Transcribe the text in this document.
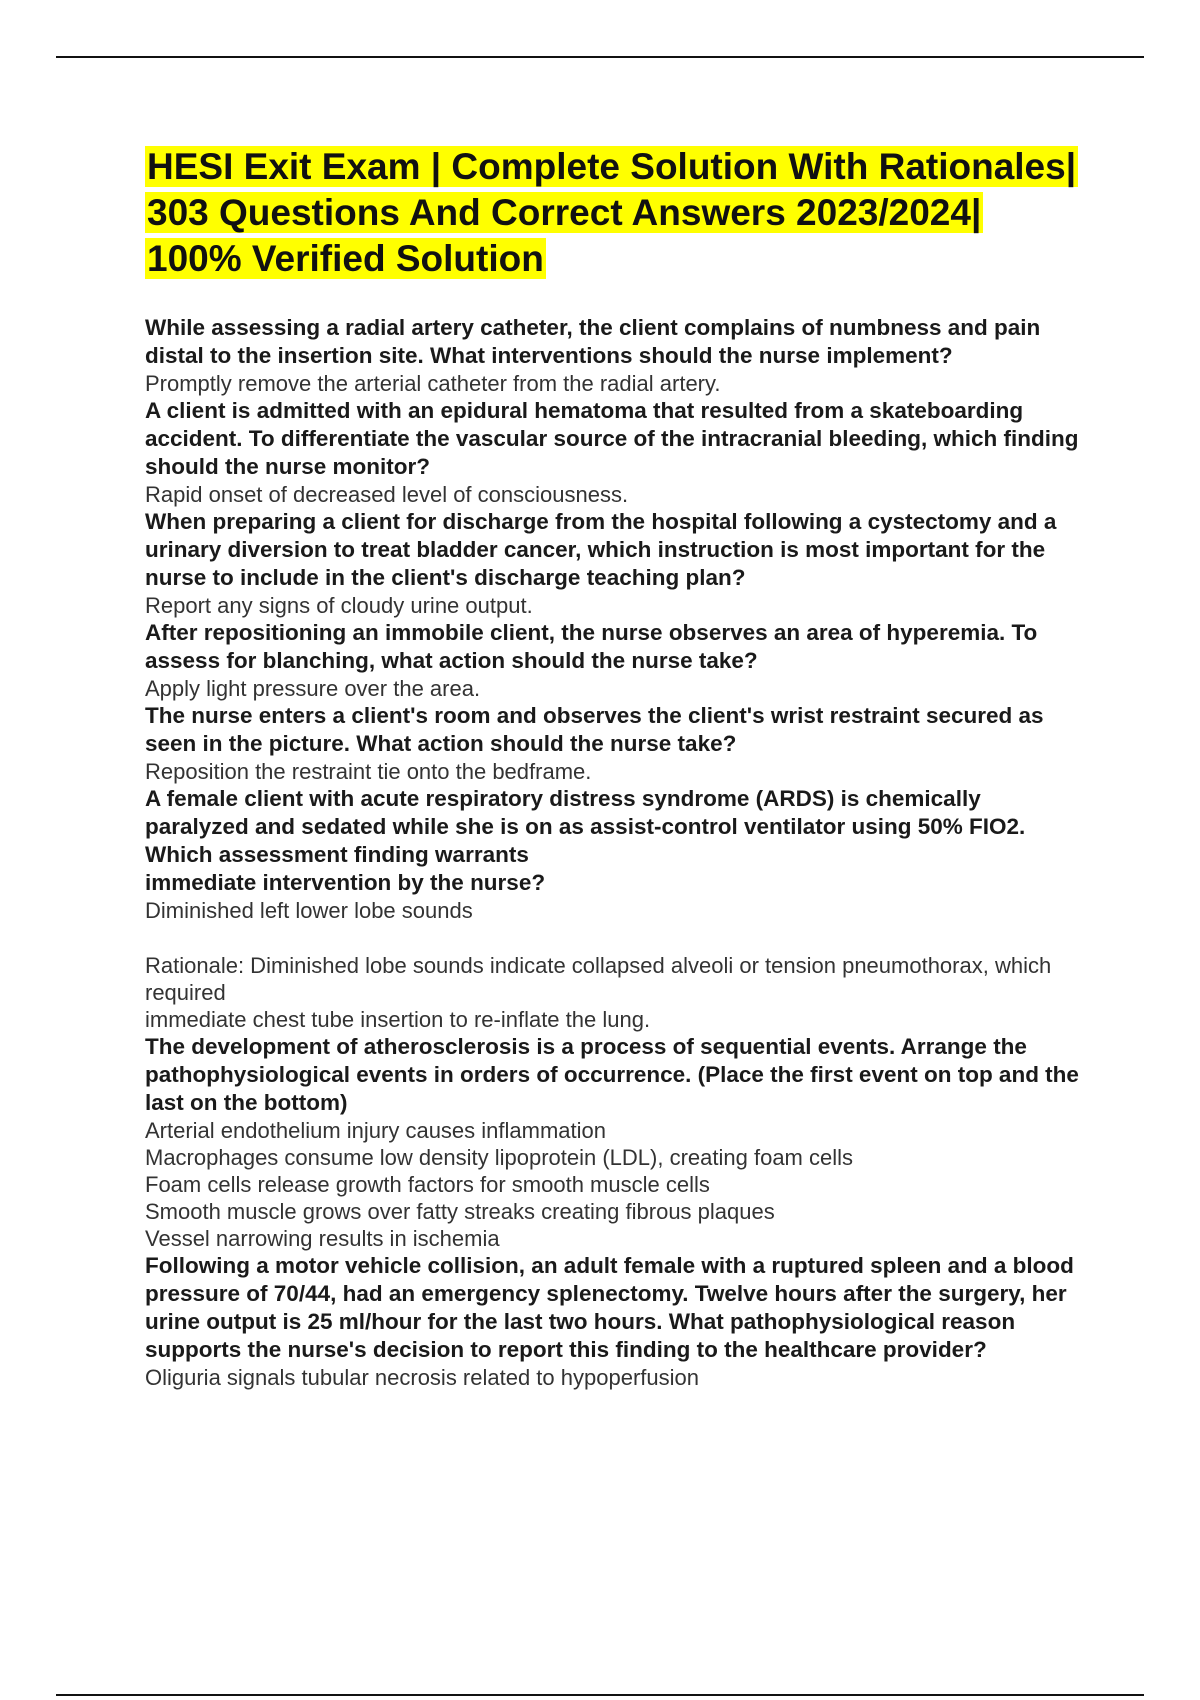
HESI Exit Exam | Complete Solution With Rationales| 303 Questions And Correct Answers 2023/2024| 100% Verified Solution

While assessing a radial artery catheter, the client complains of numbness and pain distal to the insertion site. What interventions should the nurse implement?

Promptly remove the arterial catheter from the radial artery.

A client is admitted with an epidural hematoma that resulted from a skateboarding accident. To differentiate the vascular source of the intracranial bleeding, which finding should the nurse monitor?

Rapid onset of decreased level of consciousness.

When preparing a client for discharge from the hospital following a cystectomy and a urinary diversion to treat bladder cancer, which instruction is most important for the nurse to include in the client's discharge teaching plan?

Report any signs of cloudy urine output.

After repositioning an immobile client, the nurse observes an area of hyperemia. To assess for blanching, what action should the nurse take?

Apply light pressure over the area.

The nurse enters a client's room and observes the client's wrist restraint secured as seen in the picture. What action should the nurse take?

Reposition the restraint tie onto the bedframe.

A female client with acute respiratory distress syndrome (ARDS) is chemically paralyzed and sedated while she is on as assist-control ventilator using 50% FIO2. Which assessment finding warrants

immediate intervention by the nurse?

Diminished left lower lobe sounds

Rationale: Diminished lobe sounds indicate collapsed alveoli or tension pneumothorax, which required

immediate chest tube insertion to re-inflate the lung.

The development of atherosclerosis is a process of sequential events. Arrange the pathophysiological events in orders of occurrence. (Place the first event on top and the last on the bottom)

Arterial endothelium injury causes inflammation

Macrophages consume low density lipoprotein (LDL), creating foam cells

Foam cells release growth factors for smooth muscle cells

Smooth muscle grows over fatty streaks creating fibrous plaques

Vessel narrowing results in ischemia

Following a motor vehicle collision, an adult female with a ruptured spleen and a blood pressure of 70/44, had an emergency splenectomy. Twelve hours after the surgery, her urine output is 25 ml/hour for the last two hours. What pathophysiological reason supports the nurse's decision to report this finding to the healthcare provider?

Oliguria signals tubular necrosis related to hypoperfusion
